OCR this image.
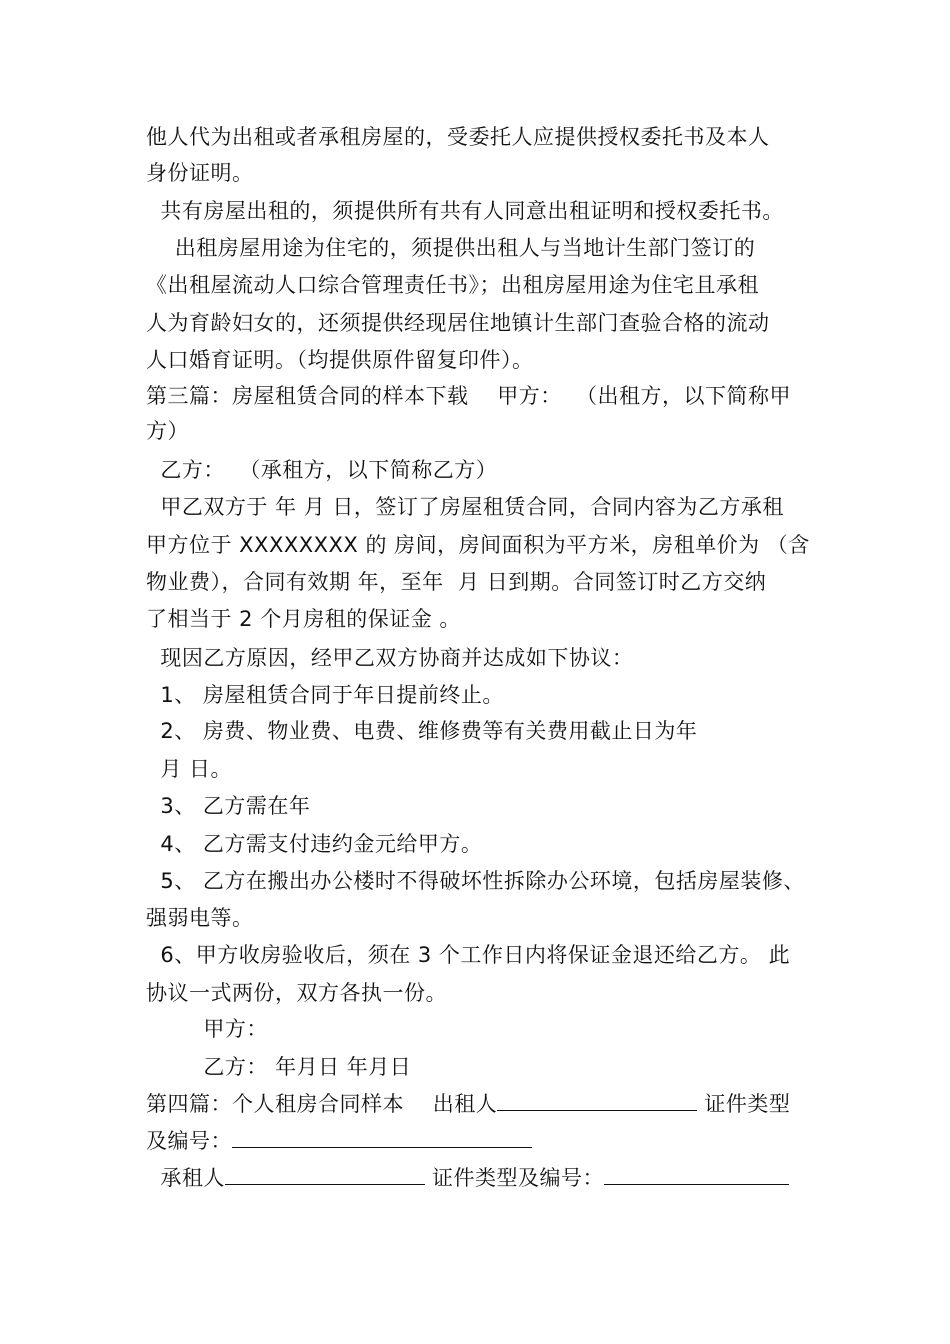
他人代为出租或者承租房屋的，受委托人应提供授权委托书及本人
身份证明。
共有房屋出租的，须提供所有共有人同意出租证明和授权委托书。
出租房屋用途为住宅的，须提供出租人与当地计生部门签订的
《出租屋流动人口综合管理责任书》；出租房屋用途为住宅且承租
人为育龄妇女的，还须提供经现居住地镇计生部门查验合格的流动
人口婚育证明。（均提供原件留复印件）。
第三篇：房屋租赁合同的样本下载    甲方：  （出租方，以下简称甲
方）
乙方：  （承租方，以下简称乙方）
甲乙双方于 年 月 日，签订了房屋租赁合同，合同内容为乙方承租
甲方位于 XXXXXXXX 的 房间，房间面积为平方米，房租单价为 （含
物业费），合同有效期 年，至年  月 日到期。合同签订时乙方交纳
了相当于 2 个月房租的保证金 。
现因乙方原因，经甲乙双方协商并达成如下协议：
1、 房屋租赁合同于年日提前终止。
2、 房费、物业费、电费、维修费等有关费用截止日为年
月 日。
3、 乙方需在年
4、 乙方需支付违约金元给甲方。
5、 乙方在搬出办公楼时不得破坏性拆除办公环境，包括房屋装修、
强弱电等。
6、甲方收房验收后，须在 3 个工作日内将保证金退还给乙方。 此
协议一式两份，双方各执一份。
甲方：
乙方： 年月日 年月日
第四篇：个人租房合同样本    出租人	证件类型
及编号：
承租人	证件类型及编号：
